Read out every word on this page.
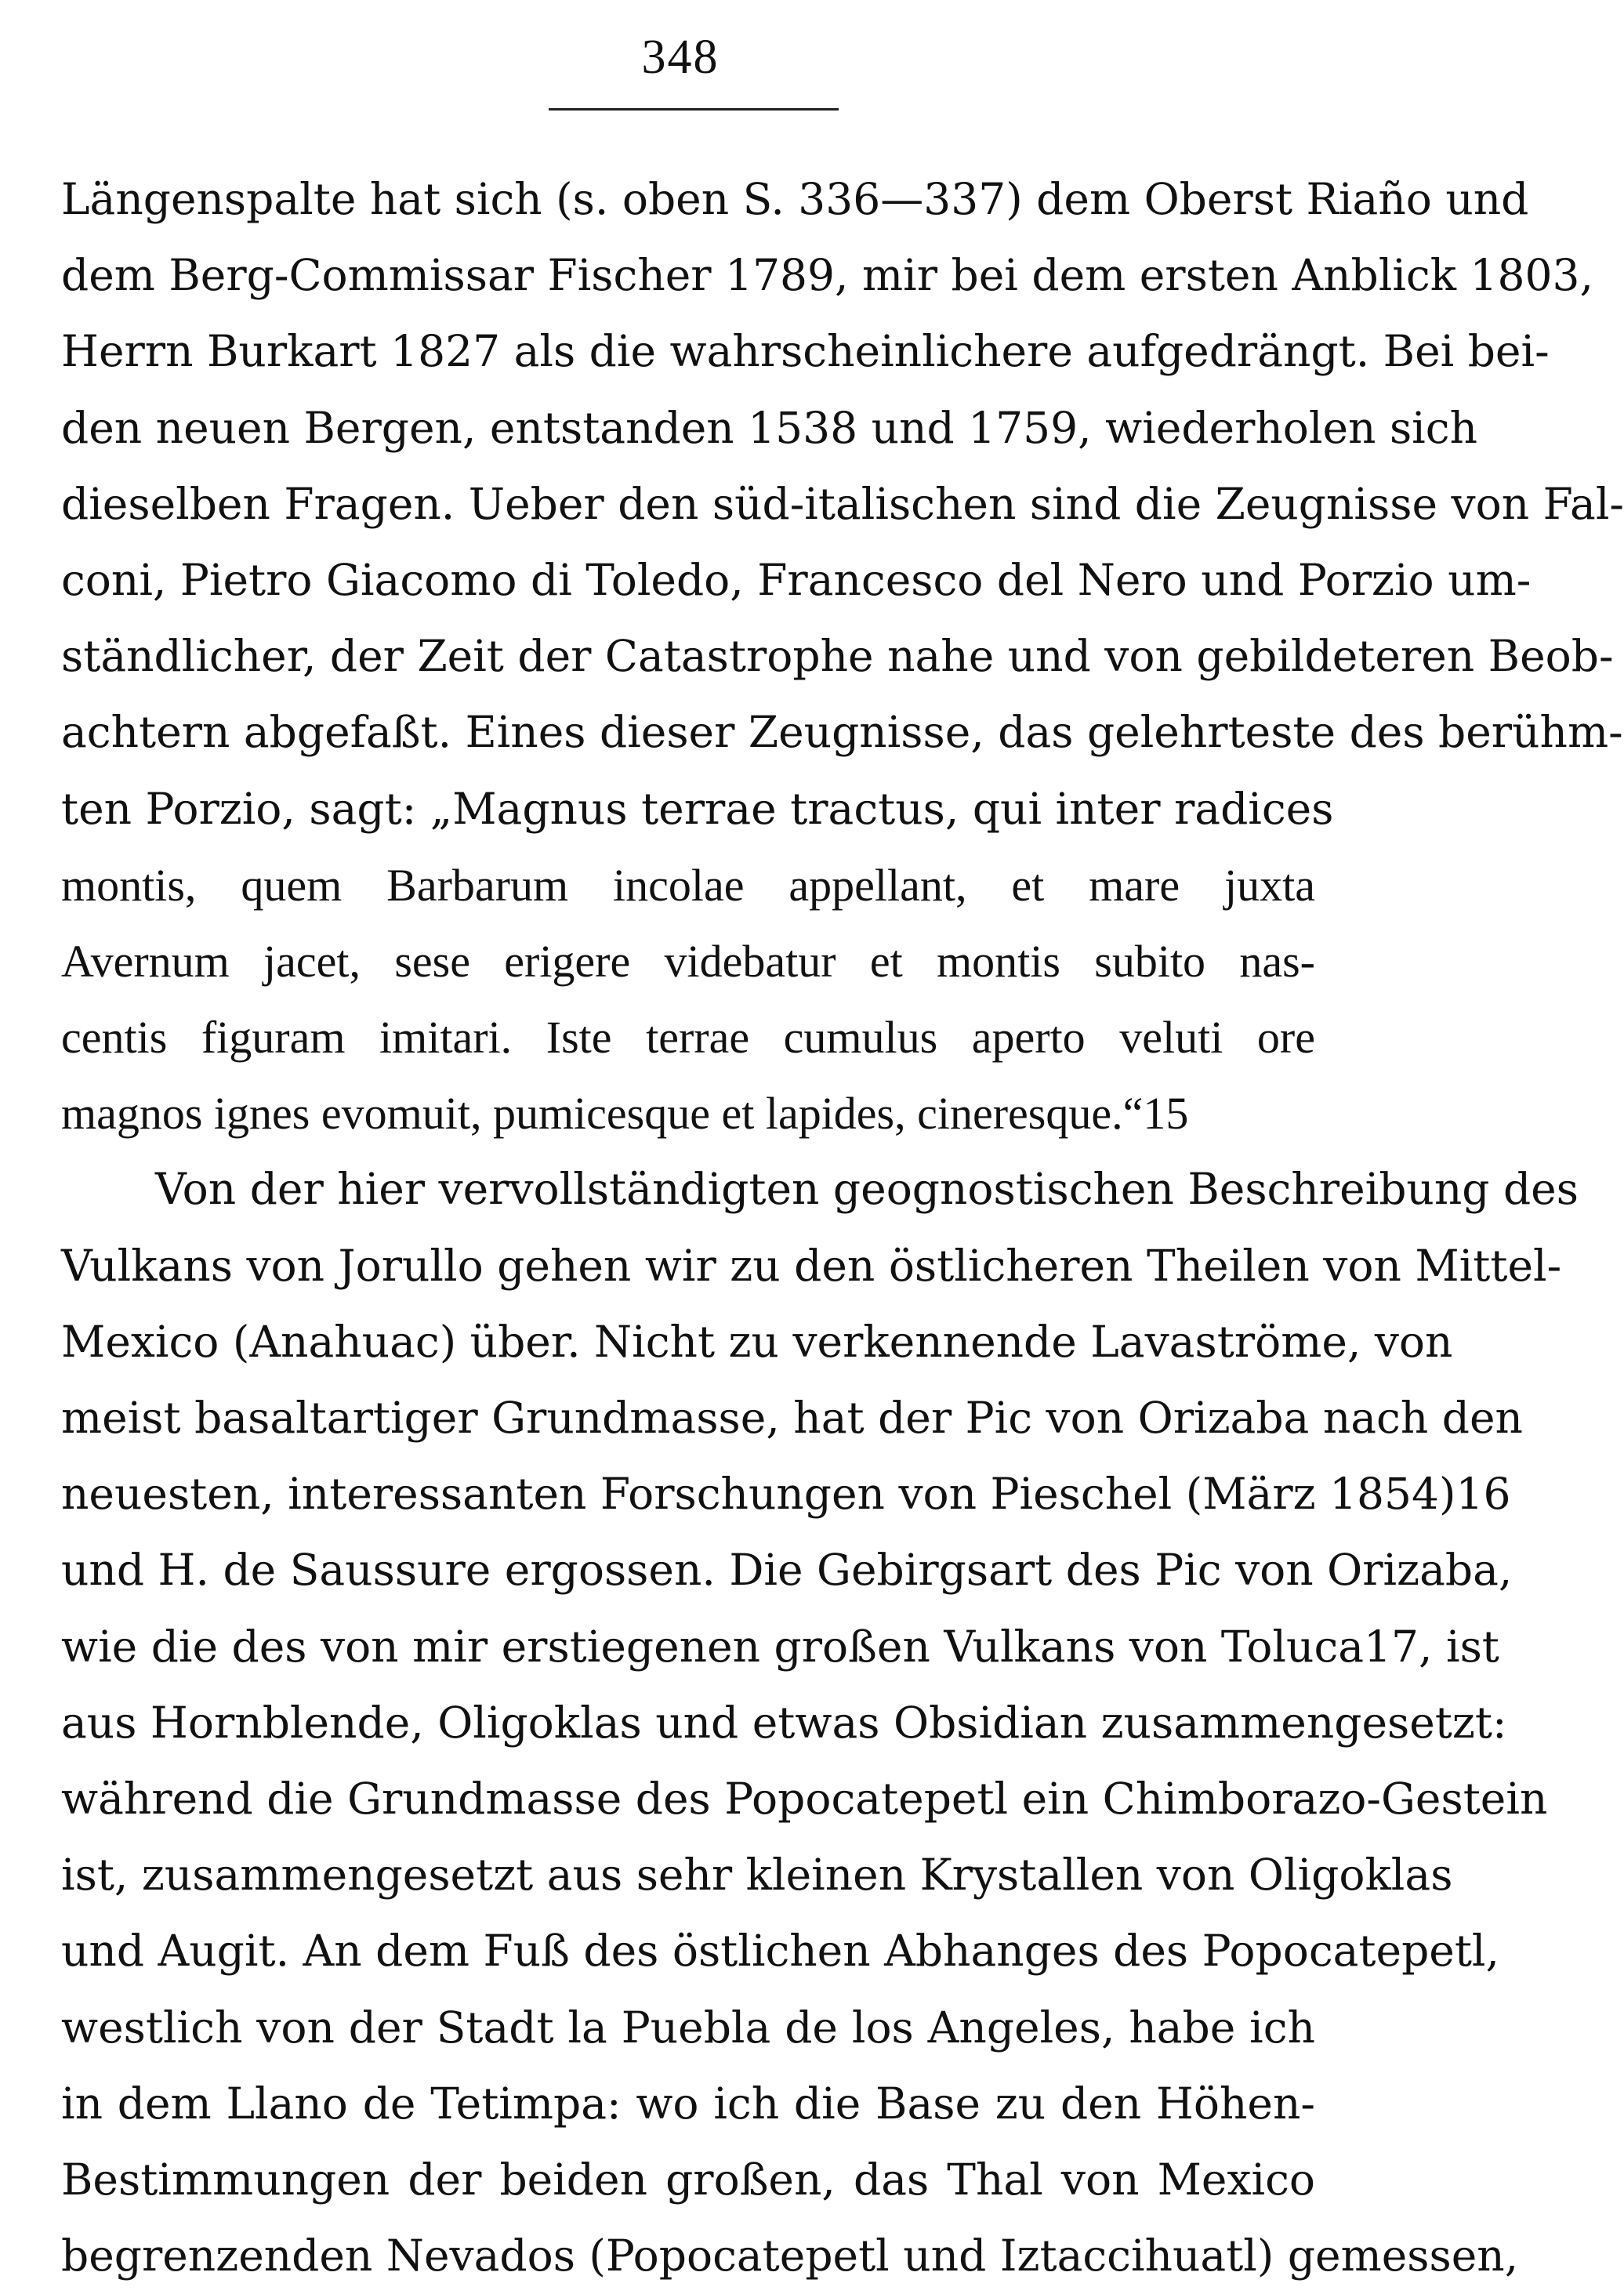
348
Längenspalte hat sich (s. oben S. 336—337) dem Oberst Riaño und
dem Berg-Commissar Fischer 1789, mir bei dem ersten Anblick 1803,
Herrn Burkart 1827 als die wahrscheinlichere aufgedrängt. Bei bei-
den neuen Bergen, entstanden 1538 und 1759, wiederholen sich
dieselben Fragen. Ueber den süd-italischen sind die Zeugnisse von Fal-
coni, Pietro Giacomo di Toledo, Francesco del Nero und Porzio um-
ständlicher, der Zeit der Catastrophe nahe und von gebildeteren Beob-
achtern abgefaßt. Eines dieser Zeugnisse, das gelehrteste des berühm-
ten Porzio, sagt: „Magnus terrae tractus, qui inter radices
montis, quem Barbarum incolae appellant, et mare juxta
Avernum jacet, sese erigere videbatur et montis subito nas-
centis figuram imitari. Iste terrae cumulus aperto veluti ore
magnos ignes evomuit, pumicesque et lapides, cineresque.“15
Von der hier vervollständigten geognostischen Beschreibung des
Vulkans von Jorullo gehen wir zu den östlicheren Theilen von Mittel-
Mexico (Anahuac) über. Nicht zu verkennende Lavaströme, von
meist basaltartiger Grundmasse, hat der Pic von Orizaba nach den
neuesten, interessanten Forschungen von Pieschel (März 1854)16
und H. de Saussure ergossen. Die Gebirgsart des Pic von Orizaba,
wie die des von mir erstiegenen großen Vulkans von Toluca17, ist
aus Hornblende, Oligoklas und etwas Obsidian zusammengesetzt:
während die Grundmasse des Popocatepetl ein Chimborazo-Gestein
ist, zusammengesetzt aus sehr kleinen Krystallen von Oligoklas
und Augit. An dem Fuß des östlichen Abhanges des Popocatepetl,
westlich von der Stadt la Puebla de los Angeles, habe ich
in dem Llano de Tetimpa: wo ich die Base zu den Höhen-
Bestimmungen der beiden großen, das Thal von Mexico
begrenzenden Nevados (Popocatepetl und Iztaccihuatl) gemessen,
